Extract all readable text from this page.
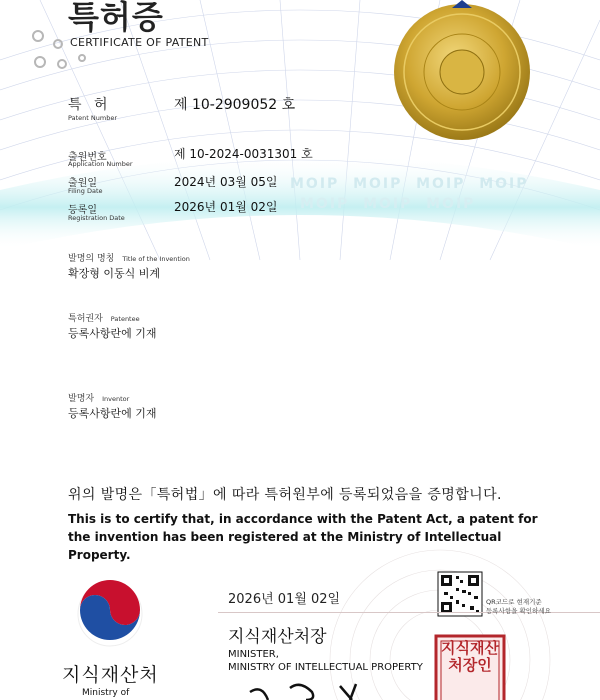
MOIP MOIP MOIP MOIP
MOIP MOIP MOIP
특허증
CERTIFICATE OF PATENT
특 허
Patent Number
제 10-2909052 호
출원번호
Application Number
제 10-2024-0031301 호
출원일
Filing Date
2024년 03월 05일
등록일
Registration Date
2026년 01월 02일
발명의 명칭 Title of the Invention
확장형 이동식 비계
특허권자 Patentee
등록사항란에 기재
발명자 Inventor
등록사항란에 기재
위의 발명은「특허법」에 따라 특허원부에 등록되었음을 증명합니다.
This is to certify that, in accordance with the Patent Act, a patent for the invention has been registered at the Ministry of Intellectual Property.
2026년 01월 02일
지식재산처장
MINISTER,
MINISTRY OF INTELLECTUAL PROPERTY
QR코드로 현재기준
등록사항을 확인하세요
지식재산처
Ministry of
지식재산처장인
